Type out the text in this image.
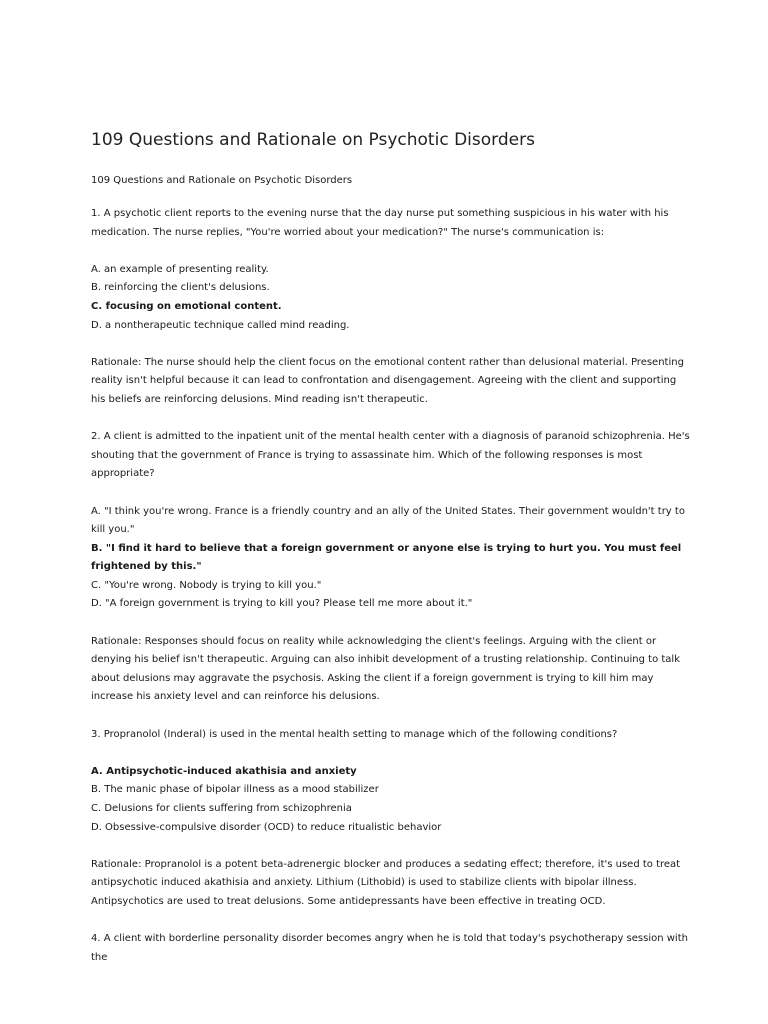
109 Questions and Rationale on Psychotic Disorders
109 Questions and Rationale on Psychotic Disorders

1. A psychotic client reports to the evening nurse that the day nurse put something suspicious in his water with his medication. The nurse replies, "You're worried about your medication?" The nurse's communication is:

A. an example of presenting reality.

B. reinforcing the client's delusions.

C. focusing on emotional content.

D. a nontherapeutic technique called mind reading.

Rationale: The nurse should help the client focus on the emotional content rather than delusional material. Presenting reality isn't helpful because it can lead to confrontation and disengagement. Agreeing with the client and supporting his beliefs are reinforcing delusions. Mind reading isn't therapeutic.

2. A client is admitted to the inpatient unit of the mental health center with a diagnosis of paranoid schizophrenia. He's shouting that the government of France is trying to assassinate him. Which of the following responses is most appropriate?

A. "I think you're wrong. France is a friendly country and an ally of the United States. Their government wouldn't try to kill you."

B. "I find it hard to believe that a foreign government or anyone else is trying to hurt you. You must feel frightened by this."

C. "You're wrong. Nobody is trying to kill you."

D. "A foreign government is trying to kill you? Please tell me more about it."

Rationale: Responses should focus on reality while acknowledging the client's feelings. Arguing with the client or denying his belief isn't therapeutic. Arguing can also inhibit development of a trusting relationship. Continuing to talk about delusions may aggravate the psychosis. Asking the client if a foreign government is trying to kill him may increase his anxiety level and can reinforce his delusions.

3. Propranolol (Inderal) is used in the mental health setting to manage which of the following conditions?

A. Antipsychotic-induced akathisia and anxiety

B. The manic phase of bipolar illness as a mood stabilizer

C. Delusions for clients suffering from schizophrenia

D. Obsessive-compulsive disorder (OCD) to reduce ritualistic behavior

Rationale: Propranolol is a potent beta-adrenergic blocker and produces a sedating effect; therefore, it's used to treat antipsychotic induced akathisia and anxiety. Lithium (Lithobid) is used to stabilize clients with bipolar illness. Antipsychotics are used to treat delusions. Some antidepressants have been effective in treating OCD.

4. A client with borderline personality disorder becomes angry when he is told that today's psychotherapy session with the
